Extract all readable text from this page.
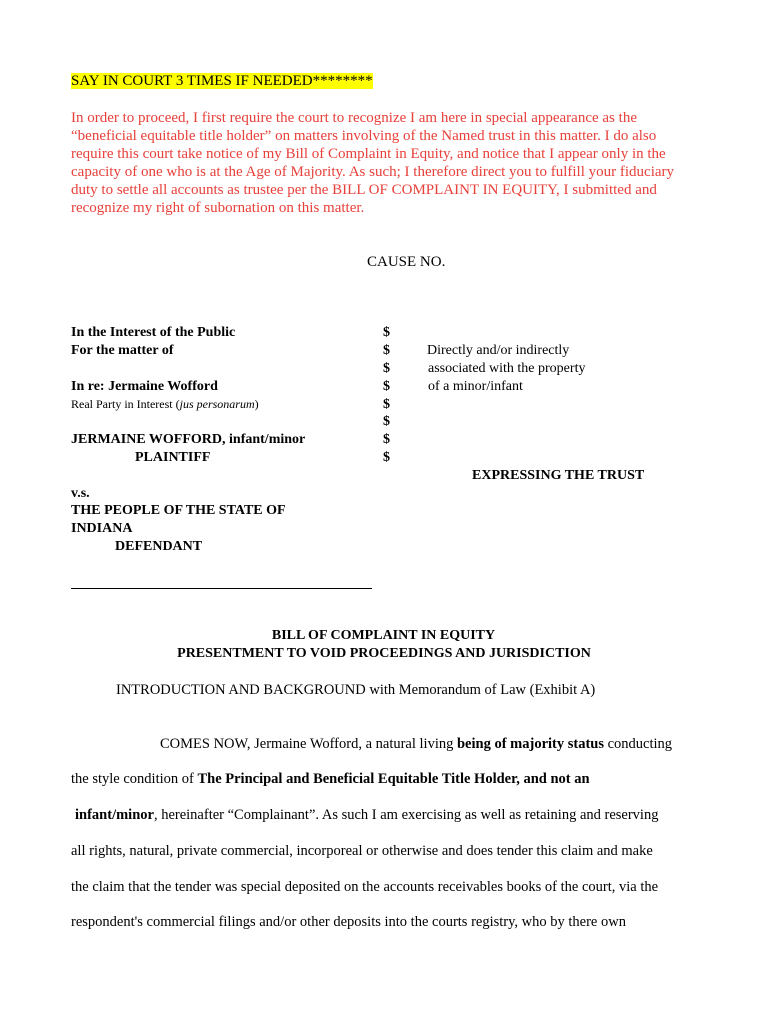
SAY IN COURT 3 TIMES IF NEEDED********
In order to proceed, I first require the court to recognize I am here in special appearance as the
“beneficial equitable title holder” on matters involving of the Named trust in this matter. I do also
require this court take notice of my Bill of Complaint in Equity, and notice that I appear only in the
capacity of one who is at the Age of Majority. As such; I therefore direct you to fulfill your fiduciary
duty to settle all accounts as trustee per the BILL OF COMPLAINT IN EQUITY, I submitted and
recognize my right of subornation on this matter.
CAUSE NO.
In the Interest of the Public
For the matter of
In re: Jermaine Wofford
Real Party in Interest (jus personarum)
JERMAINE WOFFORD, infant/minor
PLAINTIFF
v.s.
THE PEOPLE OF THE STATE OF
INDIANA
DEFENDANT
$
$
$
$
$
$
$
$
Directly and/or indirectly
associated with the property
of a minor/infant
EXPRESSING THE TRUST
BILL OF COMPLAINT IN EQUITY
PRESENTMENT TO VOID PROCEEDINGS AND JURISDICTION
INTRODUCTION AND BACKGROUND with Memorandum of Law (Exhibit A)
COMES NOW, Jermaine Wofford, a natural living being of majority status conducting
the style condition of The Principal and Beneficial Equitable Title Holder, and not an
infant/minor, hereinafter “Complainant”. As such I am exercising as well as retaining and reserving
all rights, natural, private commercial, incorporeal or otherwise and does tender this claim and make
the claim that the tender was special deposited on the accounts receivables books of the court, via the
respondent's commercial filings and/or other deposits into the courts registry, who by there own
